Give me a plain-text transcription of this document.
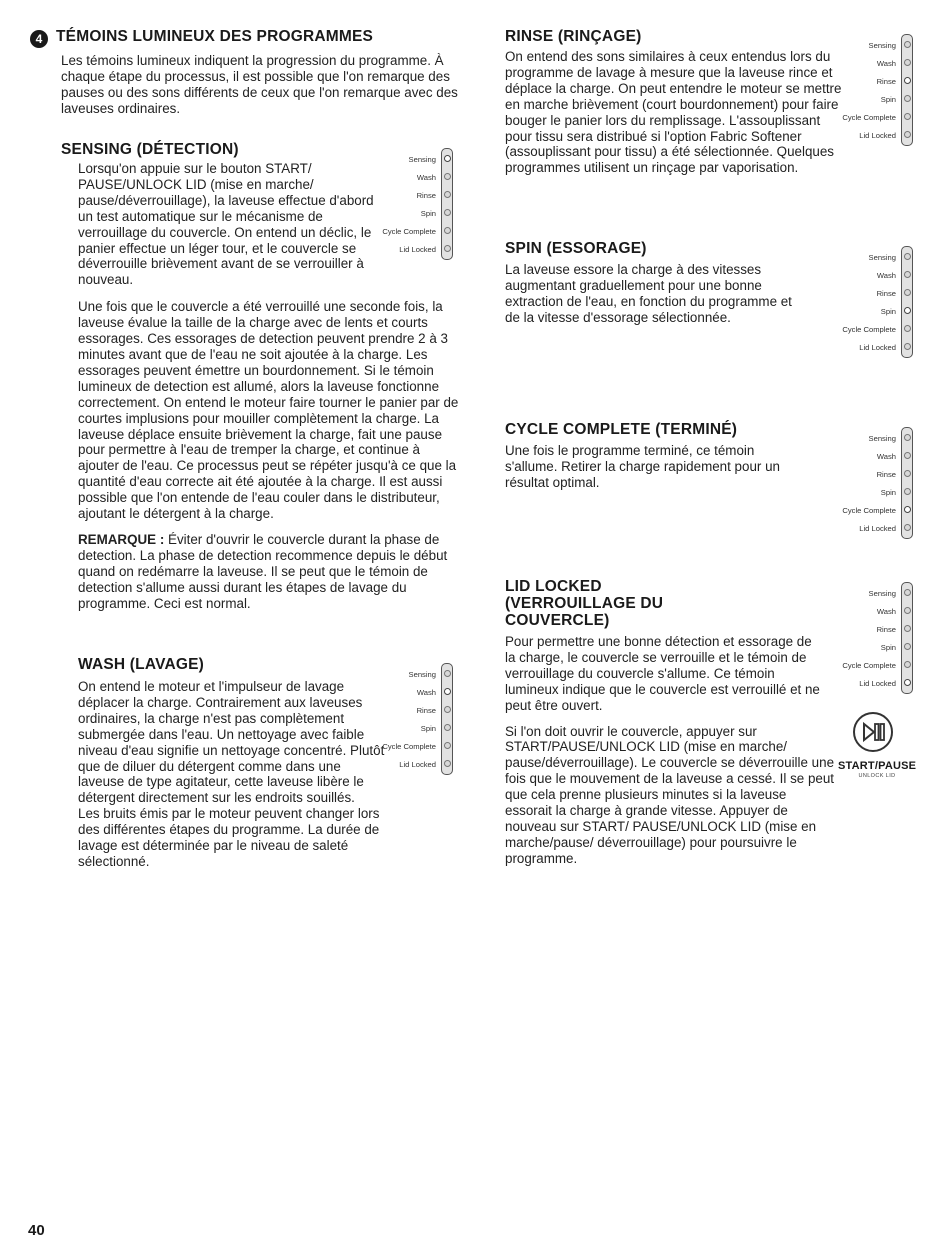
4 TÉMOINS LUMINEUX DES PROGRAMMES

Les témoins lumineux indiquent la progression du programme. À chaque étape du processus, il est possible que l'on remarque des pauses ou des sons différents de ceux que l'on remarque avec des laveuses ordinaires.

SENSING (DÉTECTION)

Lorsqu'on appuie sur le bouton START/ PAUSE/UNLOCK LID (mise en marche/ pause/déverrouillage), la laveuse effectue d'abord un test automatique sur le mécanisme de verrouillage du couvercle. On entend un déclic, le panier effectue un léger tour, et le couvercle se déverrouille brièvement avant de se verrouiller à nouveau.

Une fois que le couvercle a été verrouillé une seconde fois, la laveuse évalue la taille de la charge avec de lents et courts essorages. Ces essorages de detection peuvent prendre 2 à 3 minutes avant que de l'eau ne soit ajoutée à la charge. Les essorages peuvent émettre un bourdonnement. Si le témoin lumineux de detection est allumé, alors la laveuse fonctionne correctement. On entend le moteur faire tourner le panier par de courtes implusions pour mouiller complètement la charge. La laveuse déplace ensuite brièvement la charge, fait une pause pour permettre à l'eau de tremper la charge, et continue à ajouter de l'eau. Ce processus peut se répéter jusqu'à ce que la quantité d'eau correcte ait été ajoutée à la charge. Il est aussi possible que l'on entende de l'eau couler dans le distributeur, ajoutant le détergent à la charge.

REMARQUE : Éviter d'ouvrir le couvercle durant la phase de detection. La phase de detection recommence depuis le début quand on redémarre la laveuse. Il se peut que le témoin de detection s'allume aussi durant les étapes de lavage du programme. Ceci est normal.

WASH (LAVAGE)

On entend le moteur et l'impulseur de lavage déplacer la charge. Contrairement aux laveuses ordinaires, la charge n'est pas complètement submergée dans l'eau. Un nettoyage avec faible niveau d'eau signifie un nettoyage concentré. Plutôt que de diluer du détergent comme dans une laveuse de type agitateur, cette laveuse libère le détergent directement sur les endroits souillés.

Les bruits émis par le moteur peuvent changer lors des différentes étapes du programme. La durée de lavage est déterminée par le niveau de saleté sélectionné.

RINSE (RINÇAGE)

On entend des sons similaires à ceux entendus lors du programme de lavage à mesure que la laveuse rince et déplace la charge. On peut entendre le moteur se mettre en marche brièvement (court bourdonnement) pour faire bouger le panier lors du remplissage. L'assouplissant pour tissu sera distribué si l'option Fabric Softener (assouplissant pour tissu) a été sélectionnée. Quelques programmes utilisent un rinçage par vaporisation.

SPIN (ESSORAGE)

La laveuse essore la charge à des vitesses augmentant graduellement pour une bonne extraction de l'eau, en fonction du programme et de la vitesse d'essorage sélectionnée.

CYCLE COMPLETE (TERMINÉ)

Une fois le programme terminé, ce témoin s'allume. Retirer la charge rapidement pour un résultat optimal.

LID LOCKED (VERROUILLAGE DU COUVERCLE)

Pour permettre une bonne détection et essorage de la charge, le couvercle se verrouille et le témoin de verrouillage du couvercle s'allume. Ce témoin lumineux indique que le couvercle est verrouillé et ne peut être ouvert.

Si l'on doit ouvrir le couvercle, appuyer sur START/PAUSE/UNLOCK LID (mise en marche/ pause/déverrouillage). Le couvercle se déverrouille une fois que le mouvement de la laveuse a cessé. Il se peut que cela prenne plusieurs minutes si la laveuse essorait la charge à grande vitesse. Appuyer de nouveau sur START/ PAUSE/UNLOCK LID (mise en marche/pause/ déverrouillage) pour poursuivre le programme.

Sensing
Wash
Rinse
Spin
Cycle Complete
Lid Locked
Sensing
Wash
Rinse
Spin
Cycle Complete
Lid Locked
Sensing
Wash
Rinse
Spin
Cycle Complete
Lid Locked
Sensing
Wash
Rinse
Spin
Cycle Complete
Lid Locked
Sensing
Wash
Rinse
Spin
Cycle Complete
Lid Locked
Sensing
Wash
Rinse
Spin
Cycle Complete
Lid Locked
START/PAUSE
UNLOCK LID
40
